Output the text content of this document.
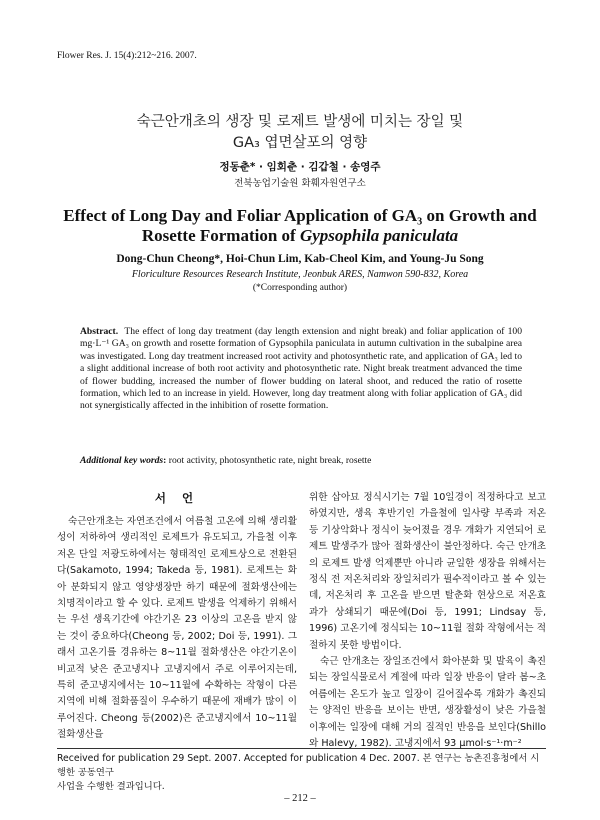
Flower Res. J. 15(4):212~216. 2007.
숙근안개초의 생장 및 로제트 발생에 미치는 장일 및
GA₃ 엽면살포의 영향
정동춘* · 임회춘 · 김갑철 · 송영주
전북농업기술원 화훼자원연구소
Effect of Long Day and Foliar Application of GA₃ on Growth and
Rosette Formation of Gypsophila paniculata
Dong-Chun Cheong*, Hoi-Chun Lim, Kab-Cheol Kim, and Young-Ju Song
Floriculture Resources Research Institute, Jeonbuk ARES, Namwon 590-832, Korea
(*Corresponding author)
Abstract. The effect of long day treatment (day length extension and night break) and foliar application of 100 mg·L⁻¹ GA₃ on growth and rosette formation of Gypsophila paniculata in autumn cultivation in the subalpine area was investigated. Long day treatment increased root activity and photosynthetic rate, and application of GA₃ led to a slight additional increase of both root activity and photosynthetic rate. Night break treatment advanced the time of flower budding, increased the number of flower budding on lateral shoot, and reduced the ratio of rosette formation, which led to an increase in yield. However, long day treatment along with foliar application of GA₃ did not synergistically affected in the inhibition of rosette formation.
Additional key words: root activity, photosynthetic rate, night break, rosette
서 언

숙근안개초는 자연조건에서 여름철 고온에 의해 생리활성이 저하하여 생리적인 로제트가 유도되고, 가을철 이후 저온 단일 저광도하에서는 형태적인 로제트상으로 전환된다(Sakamoto, 1994; Takeda 등, 1981). 로제트는 화아 분화되지 않고 영양생장만 하기 때문에 절화생산에는 치명적이라고 할 수 있다. 로제트 발생을 억제하기 위해서는 우선 생육기간에 야간기온 23 이상의 고온을 받지 않는 것이 중요하다(Cheong 등, 2002; Doi 등, 1991). 그래서 고온기를 경유하는 8~11월 절화생산은 야간기온이 비교적 낮은 준고냉지나 고냉지에서 주로 이루어지는데, 특히 준고냉지에서는 10~11월에 수확하는 작형이 다른 지역에 비해 절화품질이 우수하기 때문에 재배가 많이 이루어진다. Cheong 등(2002)은 준고냉지에서 10~11월 절화생산을

위한 삽아묘 정식시기는 7월 10일경이 적정하다고 보고하였지만, 생육 후반기인 가을철에 일사량 부족과 저온 등 기상악화나 정식이 늦어졌을 경우 개화가 지연되어 로제트 발생주가 많아 절화생산이 불안정하다. 숙근 안개초의 로제트 발생 억제뿐만 아니라 균일한 생장을 위해서는 정식 전 저온처리와 장일처리가 필수적이라고 볼 수 있는데, 저온처리 후 고온을 받으면 탈춘화 현상으로 저온효과가 상쇄되기 때문에(Doi 등, 1991; Lindsay 등, 1996) 고온기에 정식되는 10~11월 절화 작형에서는 적절하지 못한 방법이다.

숙근 안개초는 장일조건에서 화아분화 및 발육이 촉진되는 장일식물로서 계절에 따라 일장 반응이 달라 봄~초여름에는 온도가 높고 일장이 길어질수록 개화가 촉진되는 양적인 반응을 보이는 반면, 생장활성이 낮은 가을철 이후에는 일장에 대해 거의 질적인 반응을 보인다(Shillo와 Halevy, 1982). 고냉지에서 93 μmol·s⁻¹·m⁻²

Received for publication 29 Sept. 2007. Accepted for publication 4 Dec. 2007. 본 연구는 농촌진흥청에서 시행한 공동연구
사업을 수행한 결과입니다.
– 212 –
